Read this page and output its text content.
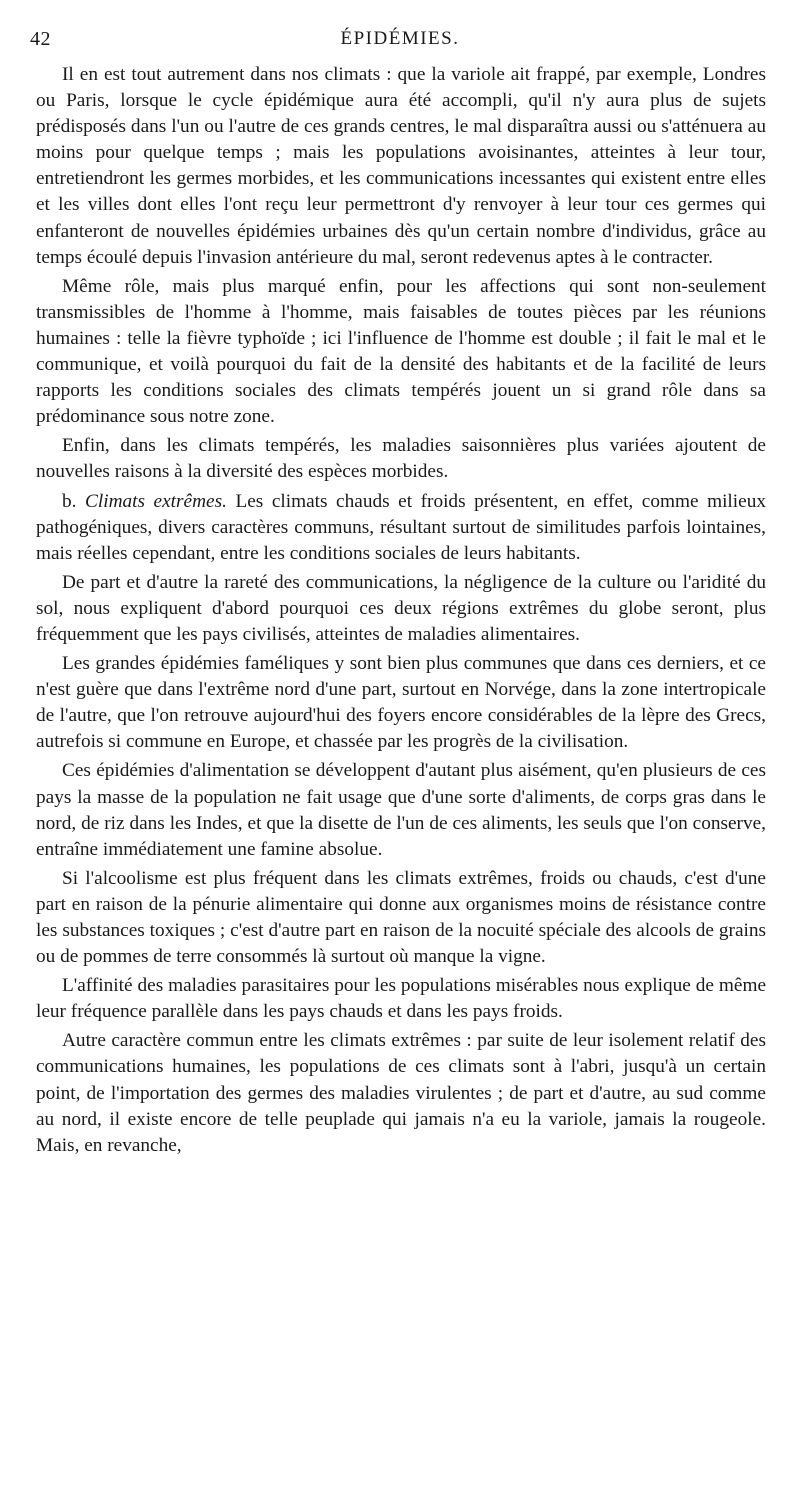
42	ÉPIDÉMIES.

Il en est tout autrement dans nos climats : que la variole ait frappé, par exemple, Londres ou Paris, lorsque le cycle épidémique aura été accompli, qu'il n'y aura plus de sujets prédisposés dans l'un ou l'autre de ces grands centres, le mal disparaîtra aussi ou s'atténuera au moins pour quelque temps ; mais les populations avoisinantes, atteintes à leur tour, entretiendront les germes morbides, et les communications incessantes qui existent entre elles et les villes dont elles l'ont reçu leur permettront d'y renvoyer à leur tour ces germes qui enfanteront de nouvelles épidémies urbaines dès qu'un certain nombre d'individus, grâce au temps écoulé depuis l'invasion antérieure du mal, seront redevenus aptes à le contracter.

Même rôle, mais plus marqué enfin, pour les affections qui sont non-seulement transmissibles de l'homme à l'homme, mais faisables de toutes pièces par les réunions humaines : telle la fièvre typhoïde ; ici l'influence de l'homme est double ; il fait le mal et le communique, et voilà pourquoi du fait de la densité des habitants et de la facilité de leurs rapports les conditions sociales des climats tempérés jouent un si grand rôle dans sa prédominance sous notre zone.

Enfin, dans les climats tempérés, les maladies saisonnières plus variées ajoutent de nouvelles raisons à la diversité des espèces morbides.

b. Climats extrêmes. Les climats chauds et froids présentent, en effet, comme milieux pathogéniques, divers caractères communs, résultant surtout de similitudes parfois lointaines, mais réelles cependant, entre les conditions sociales de leurs habitants.

De part et d'autre la rareté des communications, la négligence de la culture ou l'aridité du sol, nous expliquent d'abord pourquoi ces deux régions extrêmes du globe seront, plus fréquemment que les pays civilisés, atteintes de maladies alimentaires.

Les grandes épidémies faméliques y sont bien plus communes que dans ces derniers, et ce n'est guère que dans l'extrême nord d'une part, surtout en Norvége, dans la zone intertropicale de l'autre, que l'on retrouve aujourd'hui des foyers encore considérables de la lèpre des Grecs, autrefois si commune en Europe, et chassée par les progrès de la civilisation.

Ces épidémies d'alimentation se développent d'autant plus aisément, qu'en plusieurs de ces pays la masse de la population ne fait usage que d'une sorte d'aliments, de corps gras dans le nord, de riz dans les Indes, et que la disette de l'un de ces aliments, les seuls que l'on conserve, entraîne immédiatement une famine absolue.

Si l'alcoolisme est plus fréquent dans les climats extrêmes, froids ou chauds, c'est d'une part en raison de la pénurie alimentaire qui donne aux organismes moins de résistance contre les substances toxiques ; c'est d'autre part en raison de la nocuité spéciale des alcools de grains ou de pommes de terre consommés là surtout où manque la vigne.

L'affinité des maladies parasitaires pour les populations misérables nous explique de même leur fréquence parallèle dans les pays chauds et dans les pays froids.

Autre caractère commun entre les climats extrêmes : par suite de leur isolement relatif des communications humaines, les populations de ces climats sont à l'abri, jusqu'à un certain point, de l'importation des germes des maladies virulentes ; de part et d'autre, au sud comme au nord, il existe encore de telle peuplade qui jamais n'a eu la variole, jamais la rougeole. Mais, en revanche,
